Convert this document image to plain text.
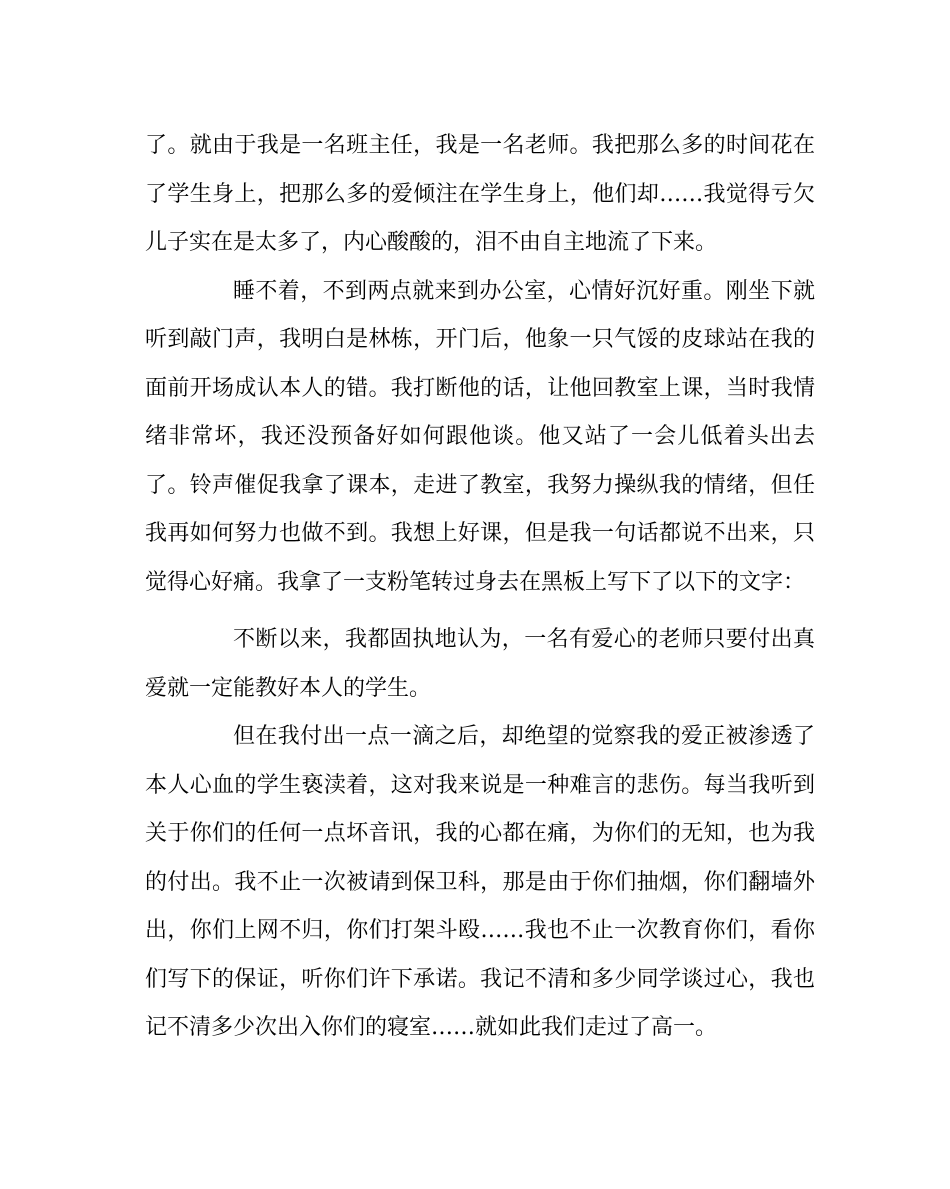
了。就由于我是一名班主任，我是一名老师。我把那么多的时间花在
了学生身上，把那么多的爱倾注在学生身上，他们却……我觉得亏欠
儿子实在是太多了，内心酸酸的，泪不由自主地流了下来。
睡不着，不到两点就来到办公室，心情好沉好重。刚坐下就
听到敲门声，我明白是林栋，开门后，他象一只气馁的皮球站在我的
面前开场成认本人的错。我打断他的话，让他回教室上课，当时我情
绪非常坏，我还没预备好如何跟他谈。他又站了一会儿低着头出去
了。铃声催促我拿了课本，走进了教室，我努力操纵我的情绪，但任
我再如何努力也做不到。我想上好课，但是我一句话都说不出来，只
觉得心好痛。我拿了一支粉笔转过身去在黑板上写下了以下的文字：
不断以来，我都固执地认为，一名有爱心的老师只要付出真
爱就一定能教好本人的学生。
但在我付出一点一滴之后，却绝望的觉察我的爱正被渗透了
本人心血的学生亵渎着，这对我来说是一种难言的悲伤。每当我听到
关于你们的任何一点坏音讯，我的心都在痛，为你们的无知，也为我
的付出。我不止一次被请到保卫科，那是由于你们抽烟，你们翻墙外
出，你们上网不归，你们打架斗殴……我也不止一次教育你们，看你
们写下的保证，听你们许下承诺。我记不清和多少同学谈过心，我也
记不清多少次出入你们的寝室……就如此我们走过了高一。
